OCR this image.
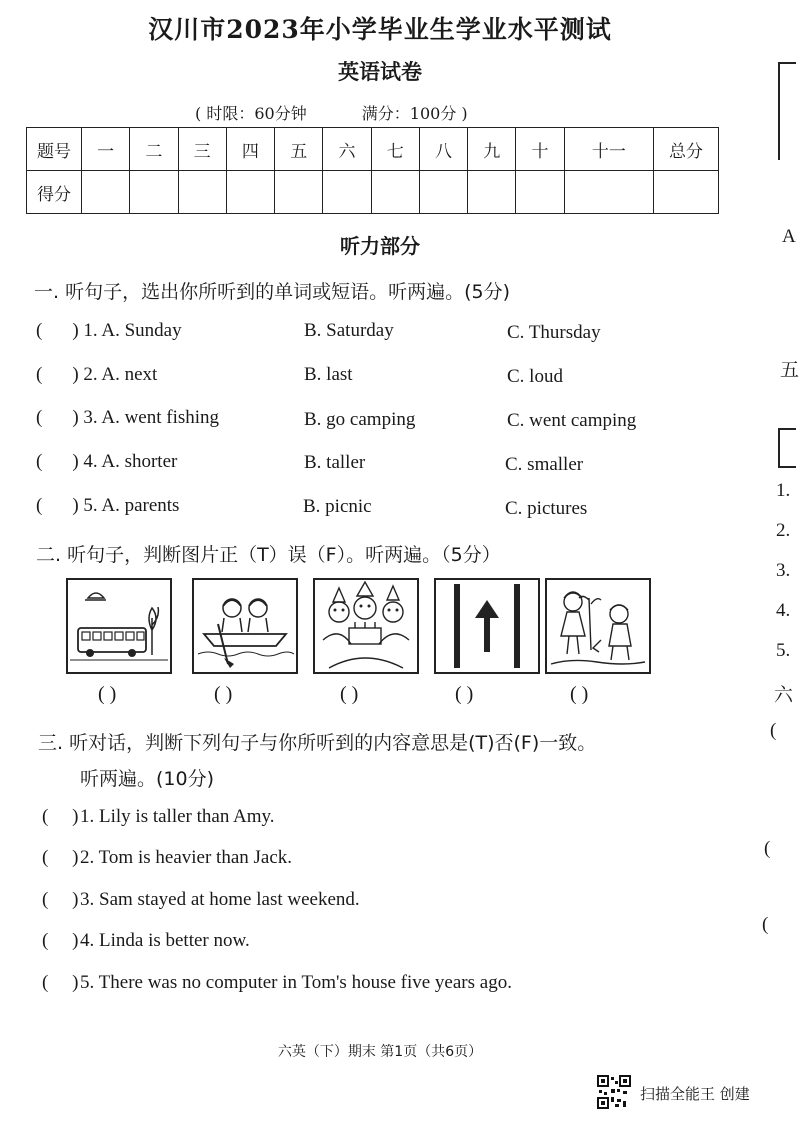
汉川市2023年小学毕业生学业水平测试
英语试卷
( 时限：60分钟	满分：100分 )
题号	一	二	三	四	五	六	七	八	九	十	十一	总分
得分												
听力部分
一. 听句子，选出你所听到的单词或短语。听两遍。(5分)
( ) 1. A. Sunday	B. Saturday	C. Thursday
( ) 2. A. next	B. last	C. loud
( ) 3. A. went fishing	B. go camping	C. went camping
( ) 4. A. shorter	B. taller	C. smaller
( ) 5. A. parents	B. picnic	C. pictures
二. 听句子，判断图片正（T）误（F）。听两遍。（5分）
( )	( )	( )	( )	( )
三. 听对话，判断下列句子与你所听到的内容意思是(T)否(F)一致。
听两遍。(10分)
(     )1. Lily is taller than Amy.
(     )2. Tom is heavier than Jack.
(     )3. Sam stayed at home last weekend.
(     )4. Linda is better now.
(     )5. There was no computer in Tom's house five years ago.
A
五
1.
2.
3.
4.
5.
六
(
(
(
六英（下）期末 第1页（共6页）
扫描全能王 创建
